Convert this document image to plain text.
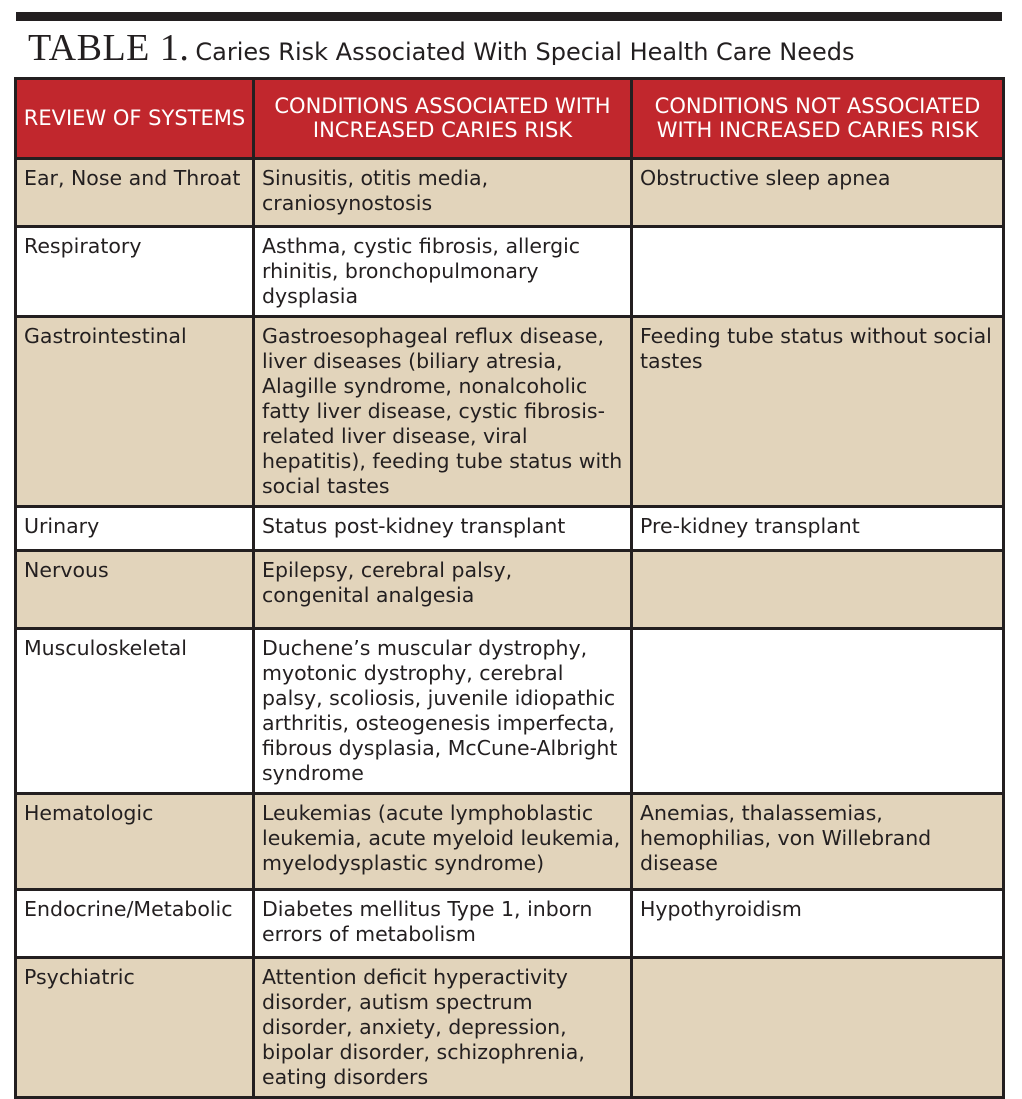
TABLE 1. Caries Risk Associated With Special Health Care Needs
REVIEW OF SYSTEMS	CONDITIONS ASSOCIATED WITH INCREASED CARIES RISK	CONDITIONS NOT ASSOCIATED WITH INCREASED CARIES RISK
Ear, Nose and Throat	Sinusitis, otitis media, craniosynostosis	Obstructive sleep apnea
Respiratory	Asthma, cystic fibrosis, allergic rhinitis, bronchopulmonary dysplasia	
Gastrointestinal	Gastroesophageal reflux disease, liver diseases (biliary atresia, Alagille syndrome, nonalcoholic fatty liver disease, cystic fibrosis-related liver disease, viral hepatitis), feeding tube status with social tastes	Feeding tube status without social tastes
Urinary	Status post-kidney transplant	Pre-kidney transplant
Nervous	Epilepsy, cerebral palsy, congenital analgesia	
Musculoskeletal	Duchene’s muscular dystrophy, myotonic dystrophy, cerebral palsy, scoliosis, juvenile idiopathic arthritis, osteogenesis imperfecta, fibrous dysplasia, McCune-Albright syndrome	
Hematologic	Leukemias (acute lymphoblastic leukemia, acute myeloid leukemia, myelodysplastic syndrome)	Anemias, thalassemias, hemophilias, von Willebrand disease
Endocrine/Metabolic	Diabetes mellitus Type 1, inborn errors of metabolism	Hypothyroidism
Psychiatric	Attention deficit hyperactivity disorder, autism spectrum disorder, anxiety, depression, bipolar disorder, schizophrenia, eating disorders	
